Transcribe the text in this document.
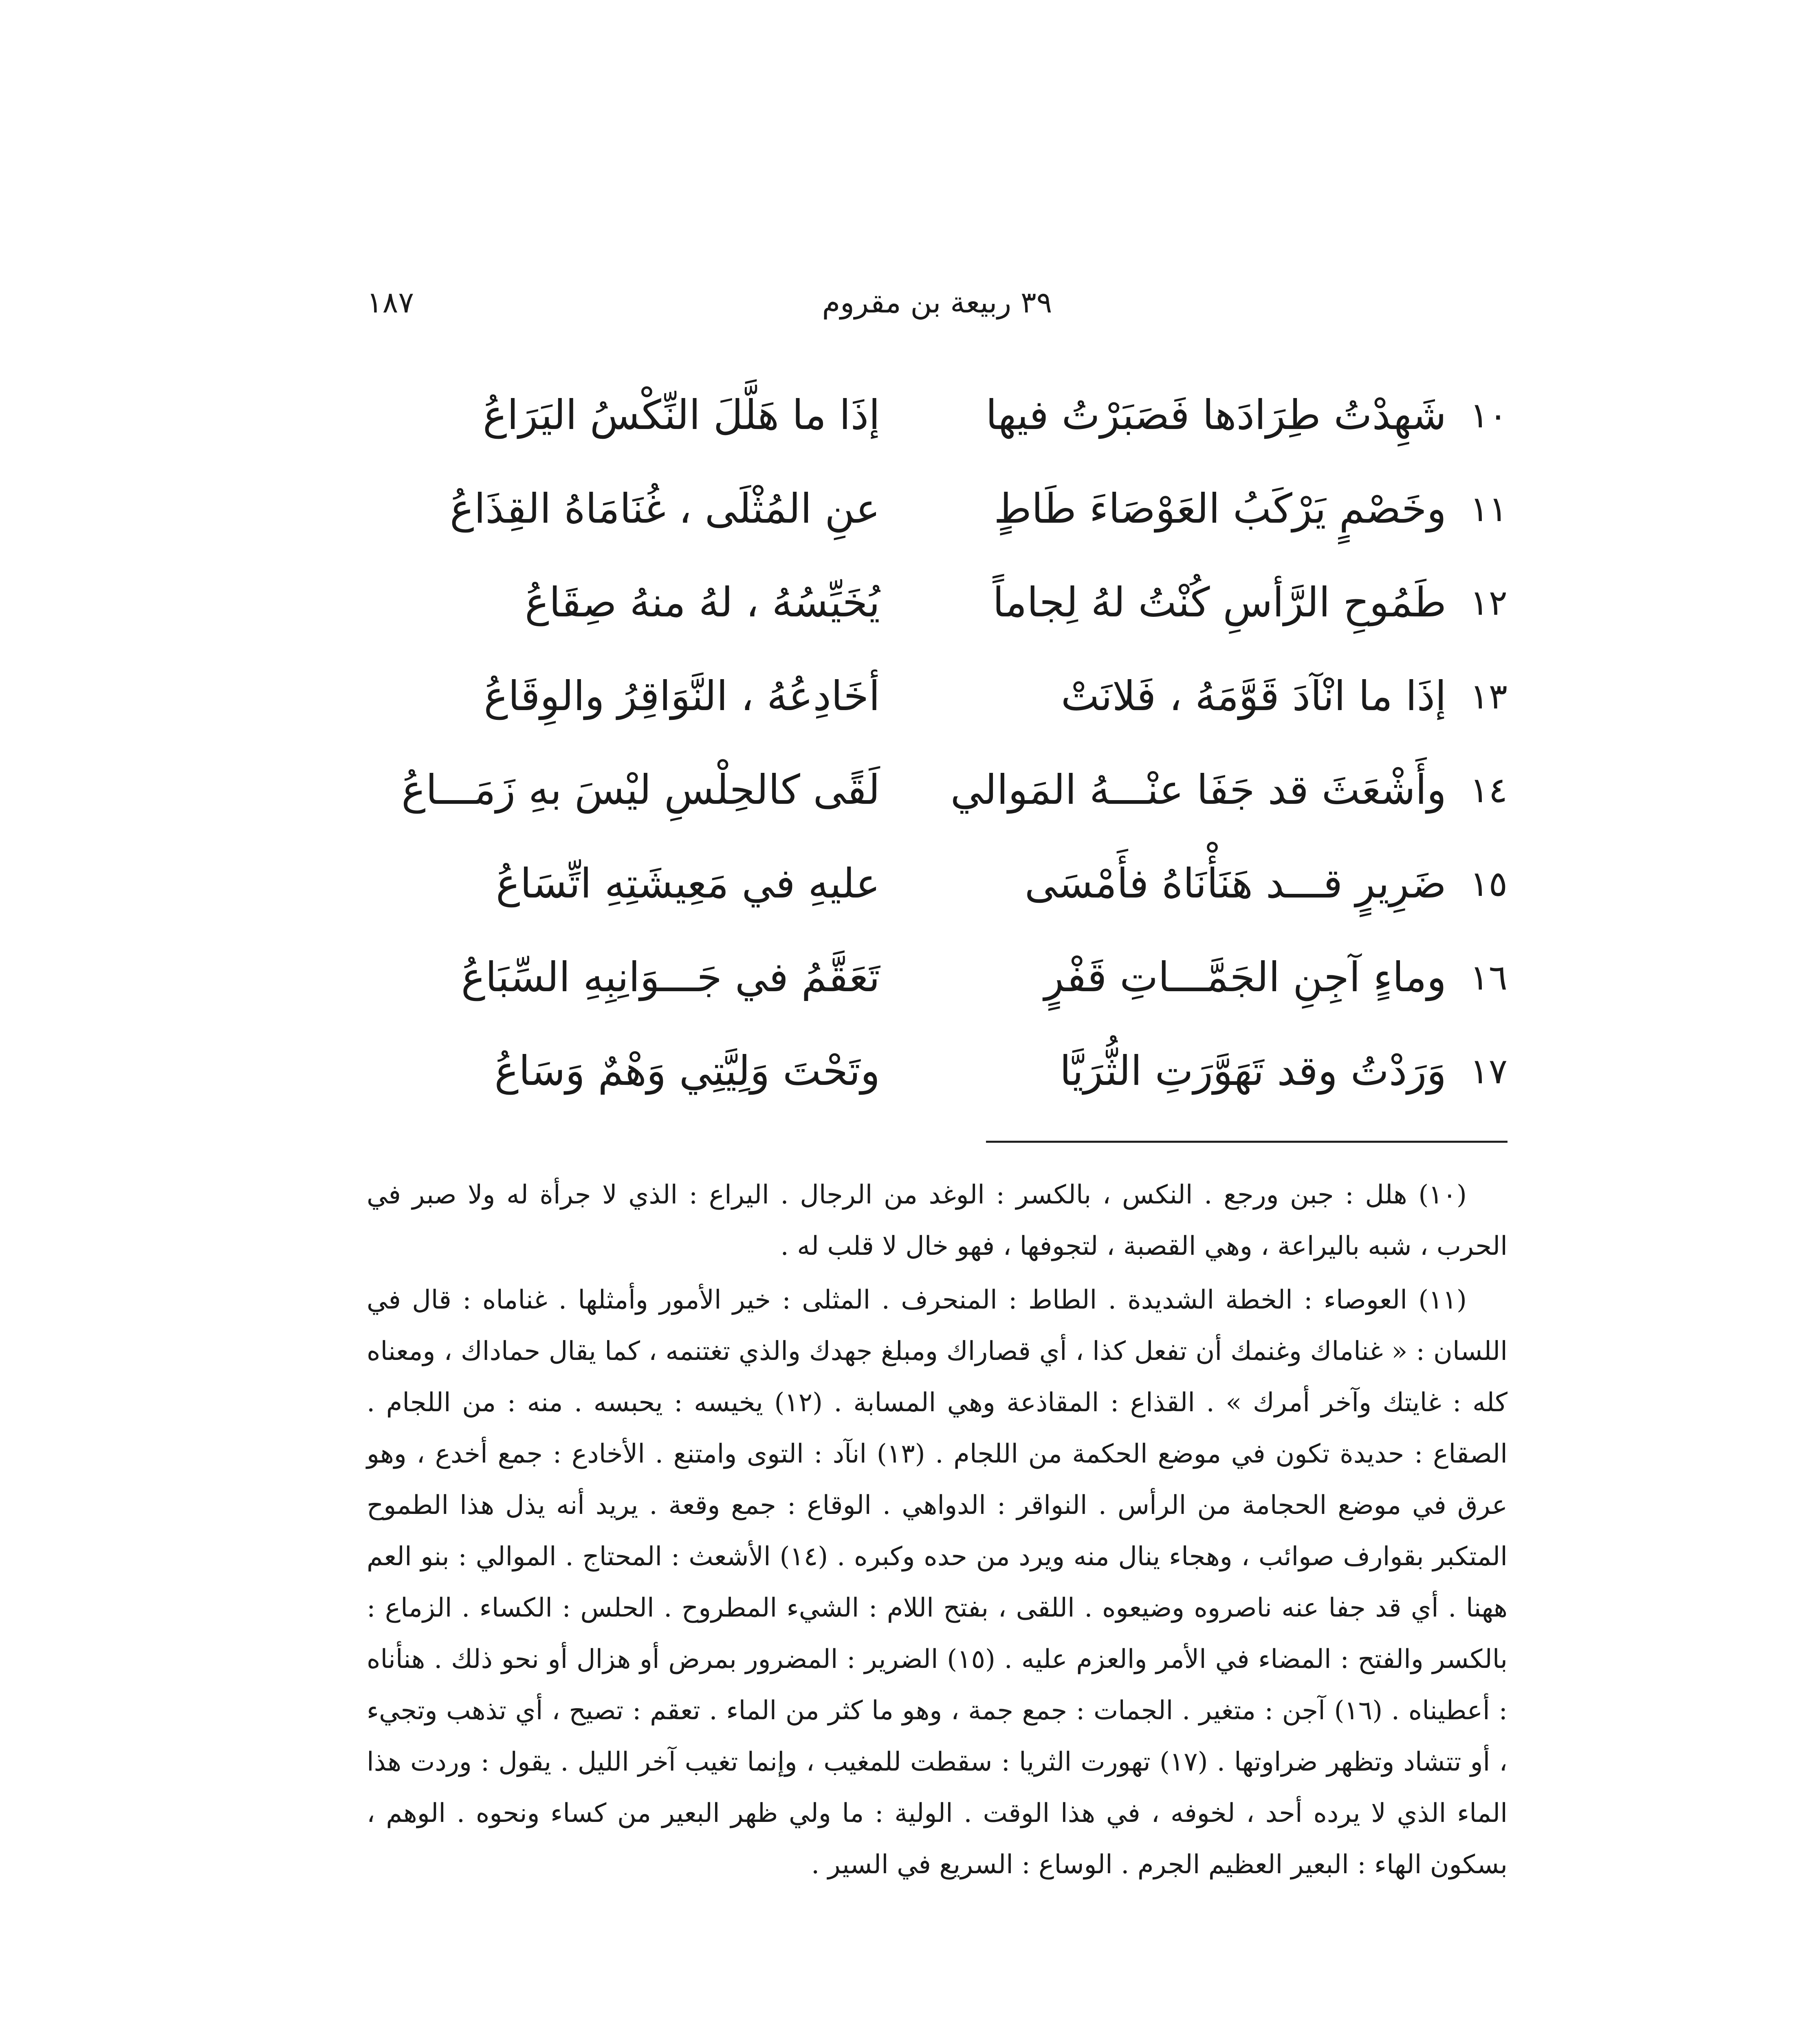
١٨٧	٣٩ ربيعة بن مقروم
١٠
شَهِدْتُ طِرَادَها فَصَبَرْتُ فيها
إذَا ما هَلَّلَ النِّكْسُ اليَرَاعُ
١١
وخَصْمٍ يَرْكَبُ العَوْصَاءَ طَاطٍ
عنِ المُثْلَى ، غُنَامَاهُ القِذَاعُ
١٢
طَمُوحِ الرَّأسِ كُنْتُ لهُ لِجاماً
يُخَيِّسُهُ ، لهُ منهُ صِقَاعُ
١٣
إذَا ما انْآدَ قَوَّمَهُ ، فَلانَتْ
أخَادِعُهُ ، النَّوَاقِرُ والوِقَاعُ
١٤
وأَشْعَثَ قد جَفَا عنْـــهُ المَوالي
لَقًى كالحِلْسِ ليْسَ بهِ زَمَـــاعُ
١٥
ضَرِيرٍ قـــد هَنَأْنَاهُ فأَمْسَى
عليهِ في مَعِيشَتِهِ اتِّسَاعُ
١٦
وماءٍ آجِنِ الجَمَّـــاتِ قَفْرٍ
تَعَقَّمُ في جَـــوَانِبِهِ السِّبَاعُ
١٧
وَرَدْتُ وقد تَهَوَّرَتِ الثُّرَيَّا
وتَحْتَ وَلِيَّتِي وَهْمٌ وَسَاعُ

(١٠) هلل : جبن ورجع . النكس ، بالكسر : الوغد من الرجال . اليراع : الذي لا جرأة له ولا صبر في الحرب ، شبه باليراعة ، وهي القصبة ، لتجوفها ، فهو خال لا قلب له .

(١١) العوصاء : الخطة الشديدة . الطاط : المنحرف . المثلى : خير الأمور وأمثلها . غناماه : قال في اللسان : « غناماك وغنمك أن تفعل كذا ، أي قصاراك ومبلغ جهدك والذي تغتنمه ، كما يقال حماداك ، ومعناه كله : غايتك وآخر أمرك » . القذاع : المقاذعة وهي المسابة . (١٢) يخيسه : يحبسه . منه : من اللجام . الصقاع : حديدة تكون في موضع الحكمة من اللجام . (١٣) انآد : التوى وامتنع . الأخادع : جمع أخدع ، وهو عرق في موضع الحجامة من الرأس . النواقر : الدواهي . الوقاع : جمع وقعة . يريد أنه يذل هذا الطموح المتكبر بقوارف صوائب ، وهجاء ينال منه ويرد من حده وكبره . (١٤) الأشعث : المحتاج . الموالي : بنو العم ههنا . أي قد جفا عنه ناصروه وضيعوه . اللقى ، بفتح اللام : الشيء المطروح . الحلس : الكساء . الزماع : بالكسر والفتح : المضاء في الأمر والعزم عليه . (١٥) الضرير : المضرور بمرض أو هزال أو نحو ذلك . هنأناه : أعطيناه . (١٦) آجن : متغير . الجمات : جمع جمة ، وهو ما كثر من الماء . تعقم : تصيح ، أي تذهب وتجيء ، أو تتشاد وتظهر ضراوتها . (١٧) تهورت الثريا : سقطت للمغيب ، وإنما تغيب آخر الليل . يقول : وردت هذا الماء الذي لا يرده أحد ، لخوفه ، في هذا الوقت . الولية : ما ولي ظهر البعير من كساء ونحوه . الوهم ، بسكون الهاء : البعير العظيم الجرم . الوساع : السريع في السير .
